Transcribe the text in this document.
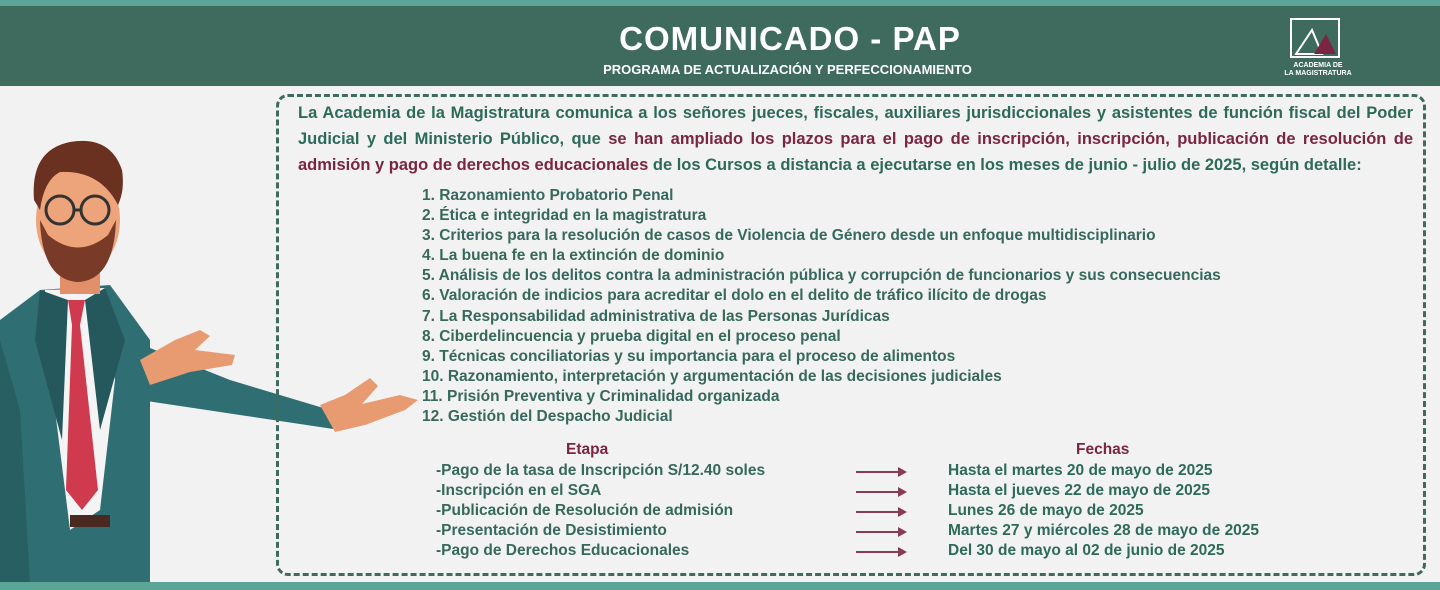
COMUNICADO - PAP
PROGRAMA DE ACTUALIZACIÓN Y PERFECCIONAMIENTO	ACADEMIA DE
LA MAGISTRATURA
La Academia de la Magistratura comunica a los señores jueces, fiscales, auxiliares jurisdiccionales y asistentes de función fiscal del Poder Judicial y del Ministerio Público, que se han ampliado los plazos para el pago de inscripción, inscripción, publicación de resolución de admisión y pago de derechos educacionales de los Cursos a distancia a ejecutarse en los meses de junio - julio de 2025, según detalle:
1. Razonamiento Probatorio Penal
2. Ética e integridad en la magistratura
3. Criterios para la resolución de casos de Violencia de Género desde un enfoque multidisciplinario
4. La buena fe en la extinción de dominio
5. Análisis de los delitos contra la administración pública y corrupción de funcionarios y sus consecuencias
6. Valoración de indicios para acreditar el dolo en el delito de tráfico ilícito de drogas
7. La Responsabilidad administrativa de las Personas Jurídicas
8. Ciberdelincuencia y prueba digital en el proceso penal
9. Técnicas conciliatorias y su importancia para el proceso de alimentos
10. Razonamiento, interpretación y argumentación de las decisiones judiciales
11. Prisión Preventiva y Criminalidad organizada
12. Gestión del Despacho Judicial
Etapa	Fechas
-Pago de la tasa de Inscripción S/12.40 soles
-Inscripción en el SGA
-Publicación de Resolución de admisión
-Presentación de Desistimiento
-Pago de Derechos Educacionales
Hasta el martes 20 de mayo de 2025
Hasta el jueves 22 de mayo de 2025
Lunes 26 de mayo de 2025
Martes 27 y miércoles 28 de mayo de 2025
Del 30 de mayo al 02 de junio de 2025
